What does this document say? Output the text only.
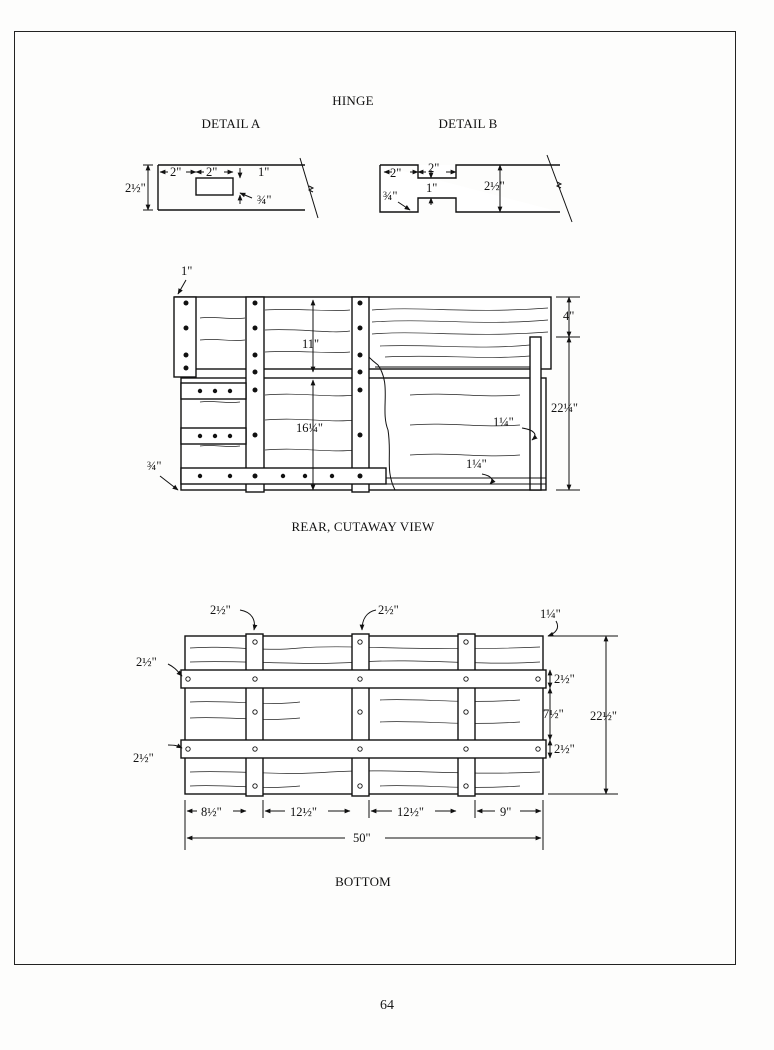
HINGE
DETAIL A	DETAIL B
2½"
2" 2"	1"
¾"
2" 2"
1"	2½"
¾"
1"
11"
16¼"
4"
22¼"
1¼"
1¼"
¾"
REAR, CUTAWAY VIEW
2½"	2½"	1¼"
2½"
2½"
2½"
7½"
2½"
22½"
8½"	12½"	12½"	9"
50"
BOTTOM
64
